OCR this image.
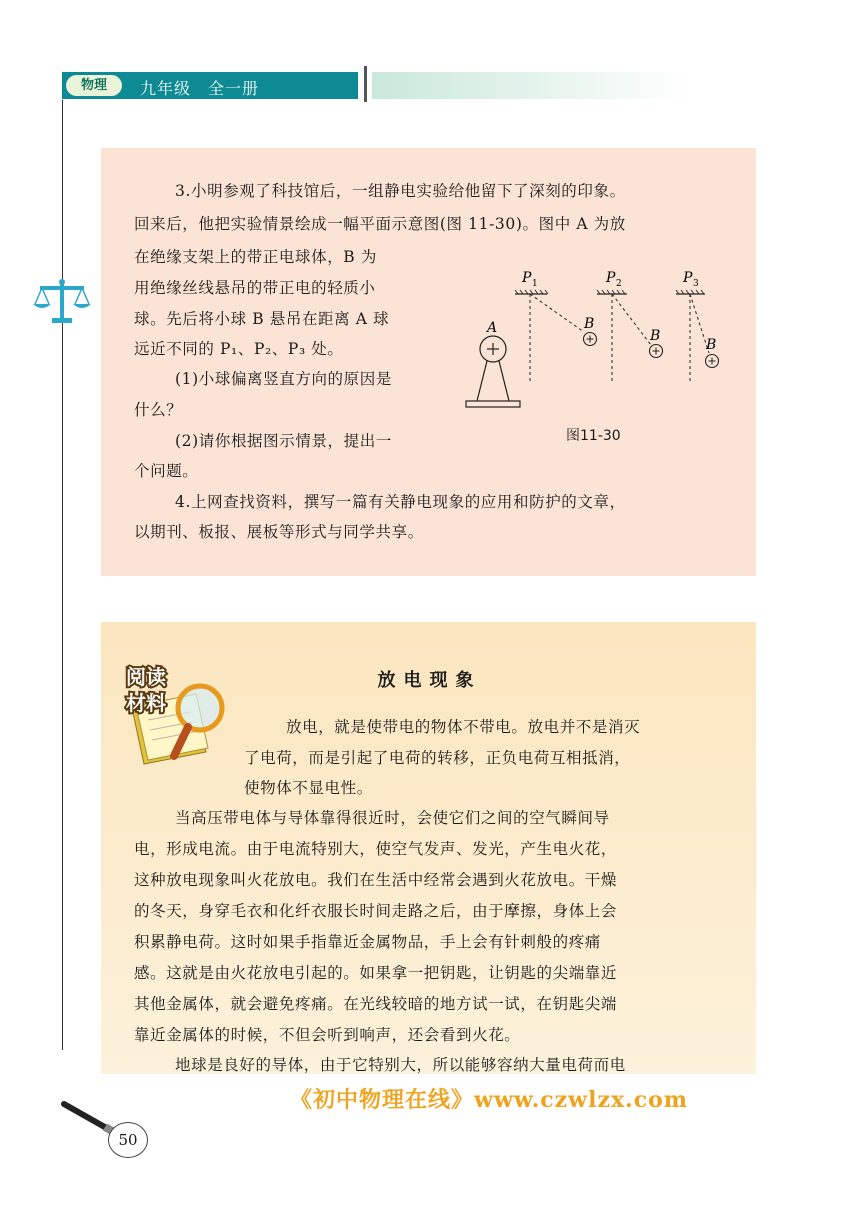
物理	九年级　全一册

3.小明参观了科技馆后，一组静电实验给他留下了深刻的印象。

回来后，他把实验情景绘成一幅平面示意图(图 11-30)。图中 A 为放

在绝缘支架上的带正电球体，B 为

用绝缘丝线悬吊的带正电的轻质小

球。先后将小球 B 悬吊在距离 A 球

远近不同的 P₁、P₂、P₃ 处。

(1)小球偏离竖直方向的原因是

什么？

(2)请你根据图示情景，提出一

个问题。

4.上网查找资料，撰写一篇有关静电现象的应用和防护的文章，

以期刊、板报、展板等形式与同学共享。

A
P 1
B
P 2
B
P 3
B
图11-30
阅读
材料
放电现象

放电，就是使带电的物体不带电。放电并不是消灭

了电荷，而是引起了电荷的转移，正负电荷互相抵消，

使物体不显电性。

当高压带电体与导体靠得很近时，会使它们之间的空气瞬间导

电，形成电流。由于电流特别大，使空气发声、发光，产生电火花，

这种放电现象叫火花放电。我们在生活中经常会遇到火花放电。干燥

的冬天，身穿毛衣和化纤衣服长时间走路之后，由于摩擦，身体上会

积累静电荷。这时如果手指靠近金属物品，手上会有针刺般的疼痛

感。这就是由火花放电引起的。如果拿一把钥匙，让钥匙的尖端靠近

其他金属体，就会避免疼痛。在光线较暗的地方试一试，在钥匙尖端

靠近金属体的时候，不但会听到响声，还会看到火花。

地球是良好的导体，由于它特别大，所以能够容纳大量电荷而电

《初中物理在线》www.czwlzx.com
50
